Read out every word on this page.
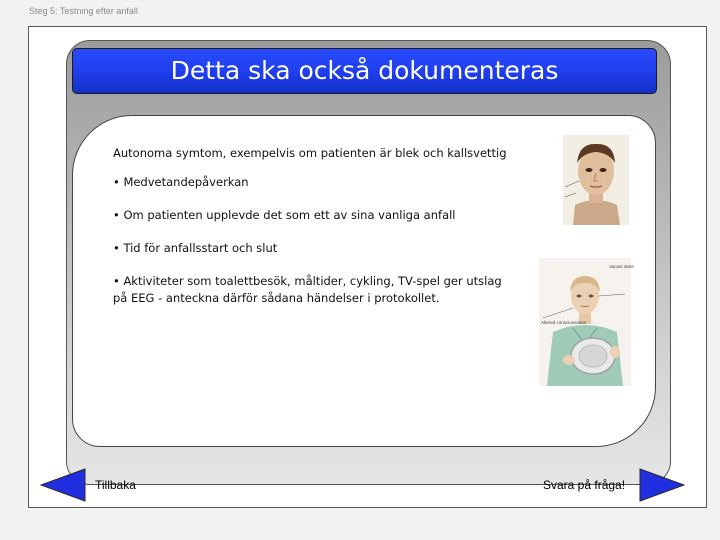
Steg 5: Testning efter anfall
Detta ska också dokumenteras

Autonoma symtom, exempelvis om patienten är blek och kallsvettig

• Medvetandepåverkan

• Om patienten upplevde det som ett av sina vanliga anfall

• Tid för anfallsstart och slut

• Aktiviteter som toalettbesök, måltider, cykling, TV-spel ger utslag på EEG - anteckna därför sådana händelser i protokollet.

Vacant stare
Altered consciousness
Tillbaka	Svara på fråga!
